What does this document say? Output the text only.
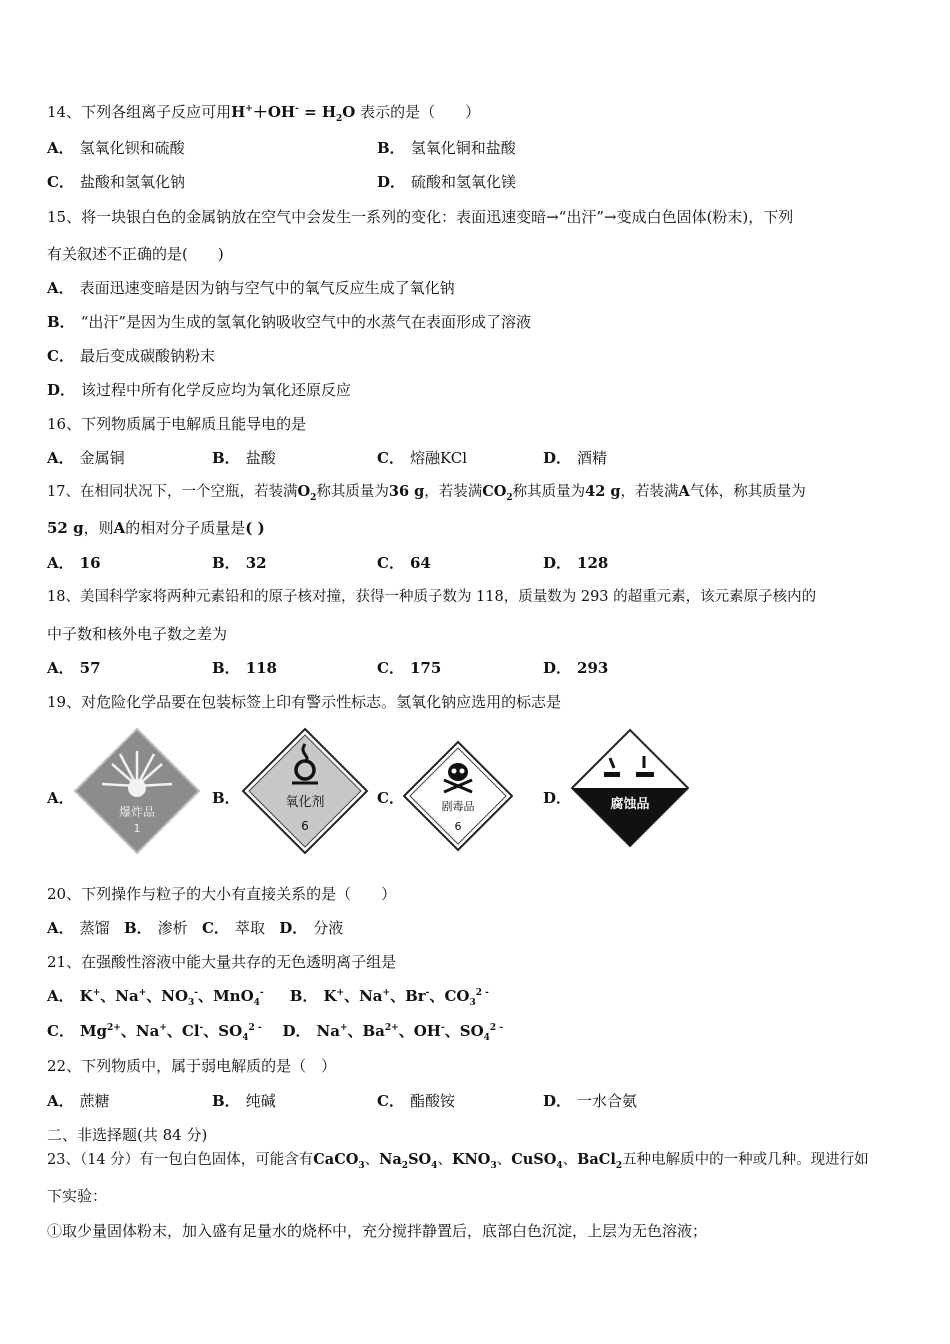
14、下列各组离子反应可用$H^++OH^- = H_2O$ 表示的是（　　）
A． 氢氧化钡和硫酸	B． 氢氧化铜和盐酸
C． 盐酸和氢氧化钠	D． 硫酸和氢氧化镁
15、将一块银白色的金属钠放在空气中会发生一系列的变化：表面迅速变暗→“出汗”→变成白色固体(粉末)，下列
有关叙述不正确的是(　　)
A． 表面迅速变暗是因为钠与空气中的氧气反应生成了氧化钠
B． “出汗”是因为生成的氢氧化钠吸收空气中的水蒸气在表面形成了溶液
C． 最后变成碳酸钠粉末
D． 该过程中所有化学反应均为氧化还原反应
16、下列物质属于电解质且能导电的是
A． 金属铜	B． 盐酸	C． 熔融KCl	D． 酒精
17、在相同状况下，一个空瓶，若装满$O_2$称其质量为36 g，若装满$CO_2$称其质量为42 g，若装满A气体，称其质量为
52 g，则A的相对分子质量是( )
A． 16	B． 32	C． 64	D． 128
18、美国科学家将两种元素铅和的原子核对撞，获得一种质子数为 118，质量数为 293 的超重元素，该元素原子核内的
中子数和核外电子数之差为
A． 57	B． 118	C． 175	D． 293
19、对危险化学品要在包装标签上印有警示性标志。氢氧化钠应选用的标志是
A．
爆炸品
1
B．	氧化剂
6
C．	剧毒品
6
D．	腐蚀品
20、下列操作与粒子的大小有直接关系的是（　　）
A． 蒸馏 B． 渗析 C． 萃取 D． 分液
21、在强酸性溶液中能大量共存的无色透明离子组是
A． K+、Na+、$NO_3^-$、MnO$_4$- B． K+、Na+、Br-、$CO_3^{2 -}$
C． $Mg^{2+}$、Na+、Cl-、$SO_4^{2 -}$ D． Na+、$Ba^{2+}$、OH-、$SO_4^{2 -}$
22、下列物质中，属于弱电解质的是（　）
A． 蔗糖	B． 纯碱	C． 酯酸铵	D． 一水合氨
二、非选择题(共 84 分)
23、（14 分）有一包白色固体，可能含有CaCO$_3$、$Na_2SO_4$、$KNO_3$、CuSO$_4$、BaCl$_2$五种电解质中的一种或几种。现进行如
下实验：
①取少量固体粉末，加入盛有足量水的烧杯中，充分搅拌静置后，底部白色沉淀，上层为无色溶液；
